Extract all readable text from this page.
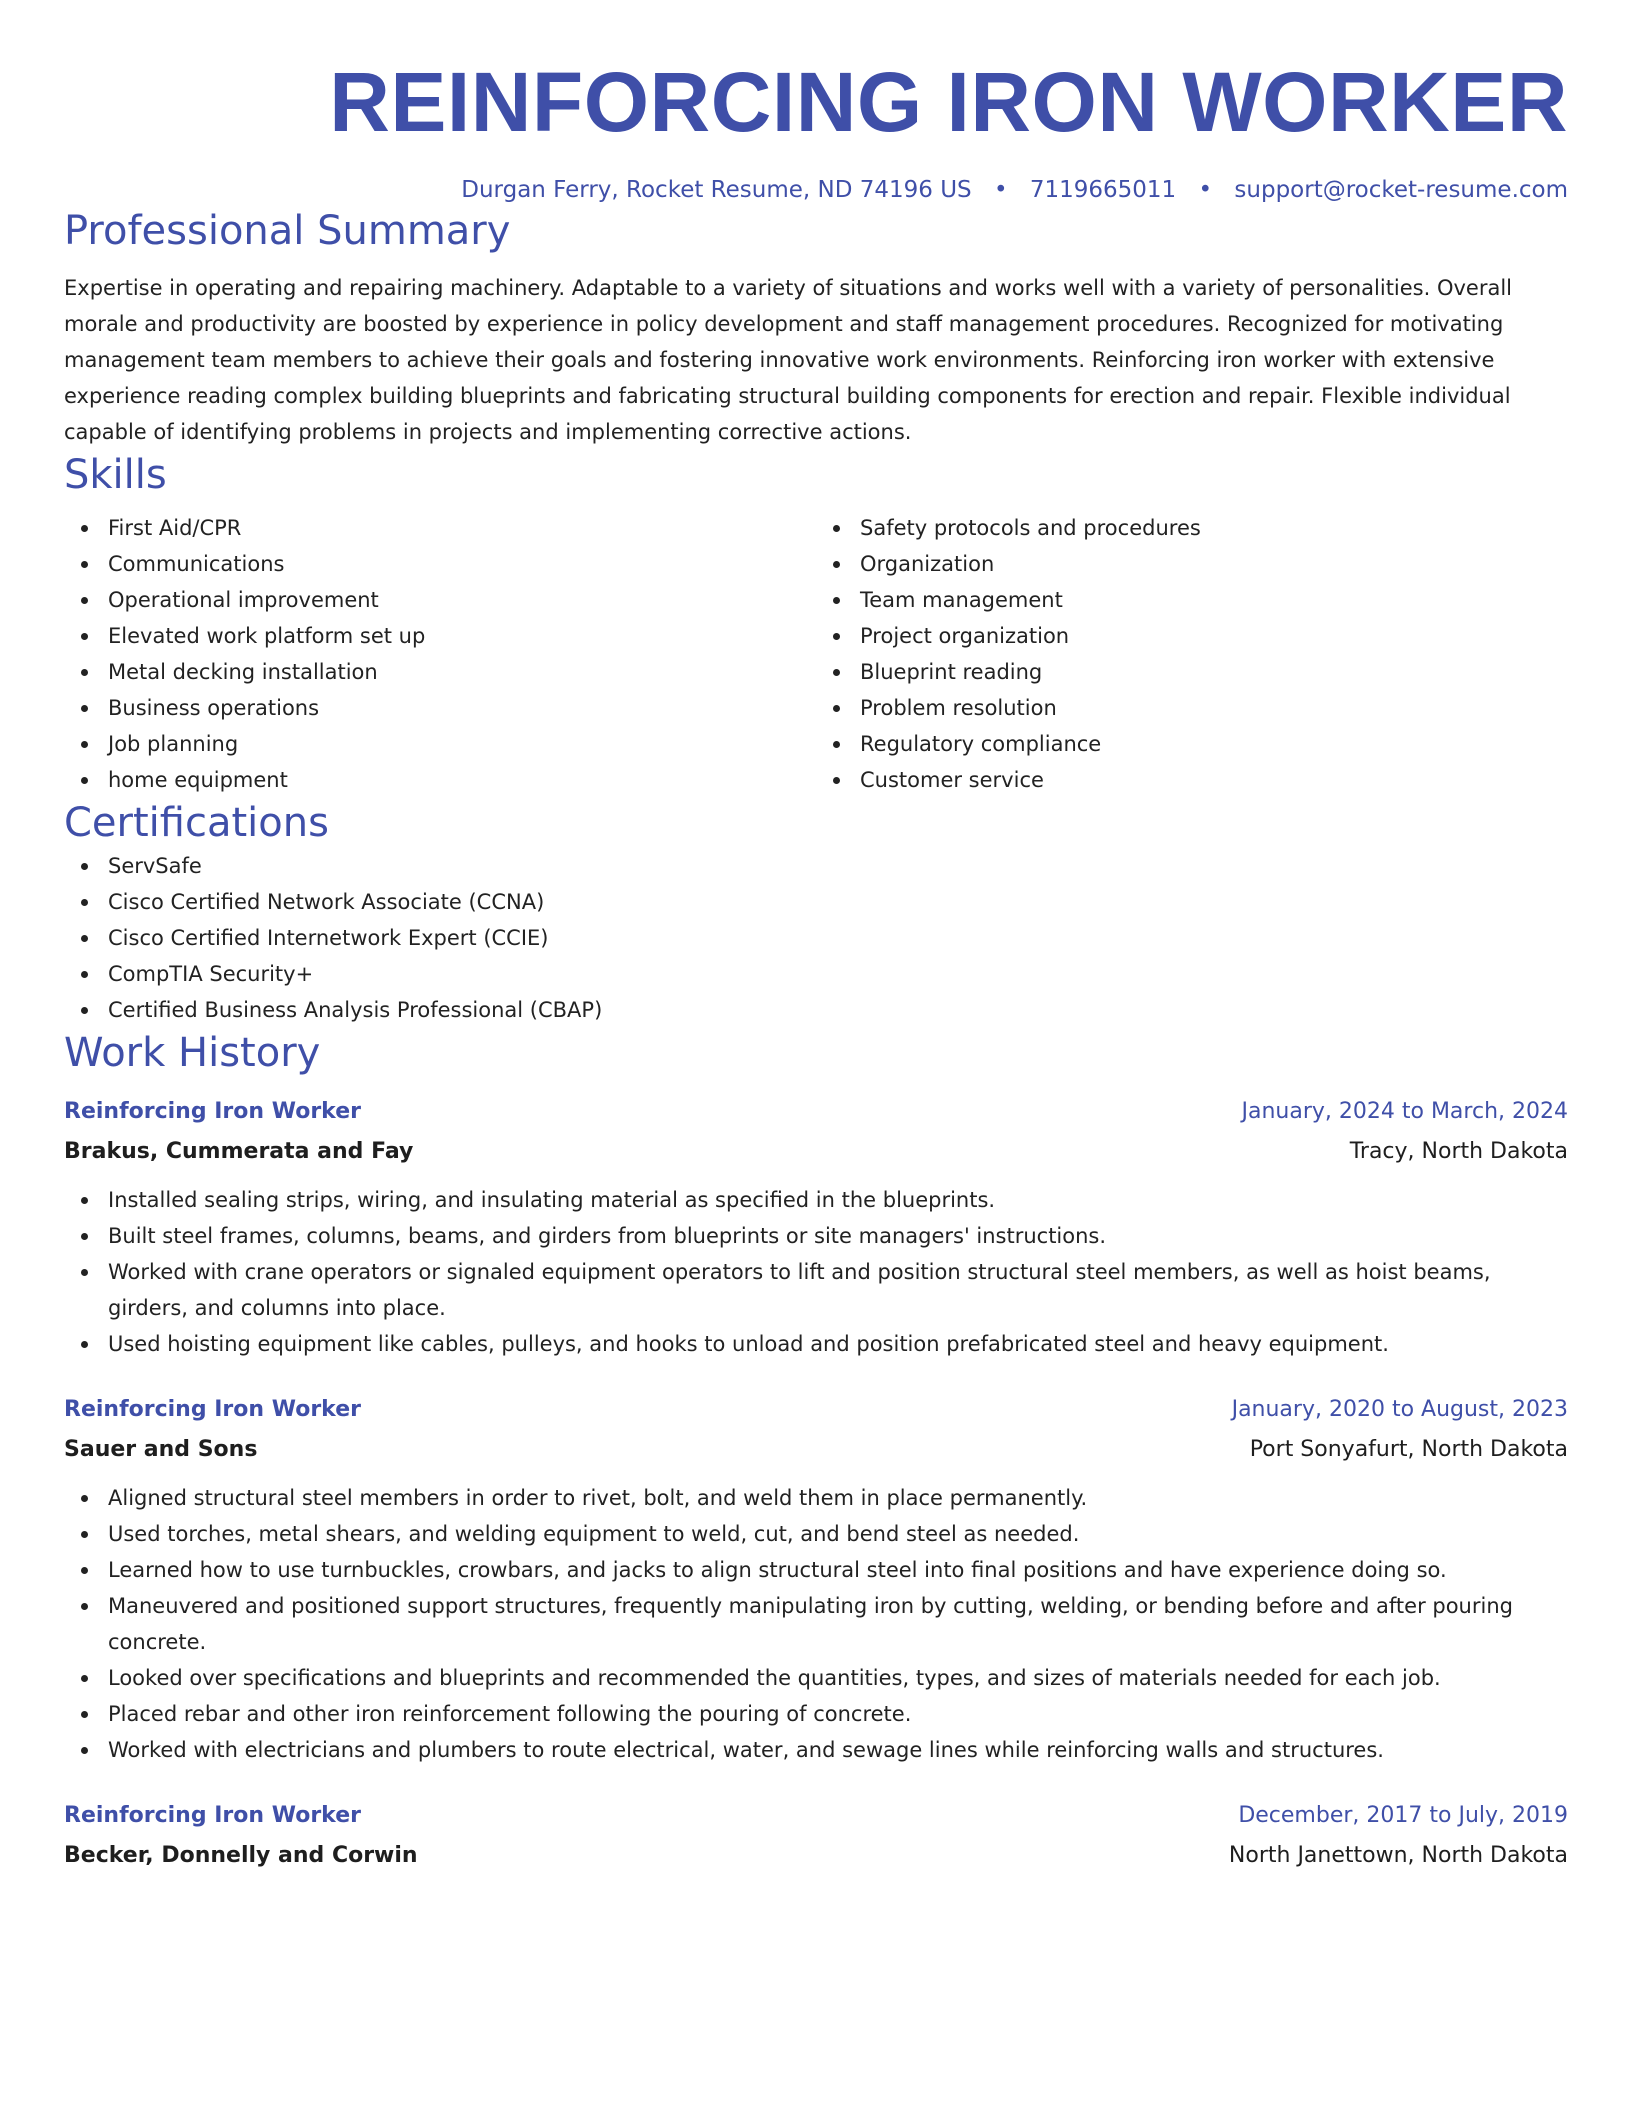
REINFORCING IRON WORKER
Durgan Ferry, Rocket Resume, ND 74196 US • 7119665011 • support@rocket-resume.com
Professional Summary
Expertise in operating and repairing machinery. Adaptable to a variety of situations and works well with a variety of personalities. Overall morale and productivity are boosted by experience in policy development and staff management procedures. Recognized for motivating management team members to achieve their goals and fostering innovative work environments. Reinforcing iron worker with extensive experience reading complex building blueprints and fabricating structural building components for erection and repair. Flexible individual capable of identifying problems in projects and implementing corrective actions.
Skills
First Aid/CPR
Communications
Operational improvement
Elevated work platform set up
Metal decking installation
Business operations
Job planning
home equipment
Safety protocols and procedures
Organization
Team management
Project organization
Blueprint reading
Problem resolution
Regulatory compliance
Customer service
Certifications
ServSafe
Cisco Certified Network Associate (CCNA)
Cisco Certified Internetwork Expert (CCIE)
CompTIA Security+
Certified Business Analysis Professional (CBAP)
Work History
Reinforcing Iron Worker	January, 2024 to March, 2024
Brakus, Cummerata and Fay	Tracy, North Dakota
Installed sealing strips, wiring, and insulating material as specified in the blueprints.
Built steel frames, columns, beams, and girders from blueprints or site managers' instructions.
Worked with crane operators or signaled equipment operators to lift and position structural steel members, as well as hoist beams, girders, and columns into place.
Used hoisting equipment like cables, pulleys, and hooks to unload and position prefabricated steel and heavy equipment.
Reinforcing Iron Worker	January, 2020 to August, 2023
Sauer and Sons	Port Sonyafurt, North Dakota
Aligned structural steel members in order to rivet, bolt, and weld them in place permanently.
Used torches, metal shears, and welding equipment to weld, cut, and bend steel as needed.
Learned how to use turnbuckles, crowbars, and jacks to align structural steel into final positions and have experience doing so.
Maneuvered and positioned support structures, frequently manipulating iron by cutting, welding, or bending before and after pouring concrete.
Looked over specifications and blueprints and recommended the quantities, types, and sizes of materials needed for each job.
Placed rebar and other iron reinforcement following the pouring of concrete.
Worked with electricians and plumbers to route electrical, water, and sewage lines while reinforcing walls and structures.
Reinforcing Iron Worker	December, 2017 to July, 2019
Becker, Donnelly and Corwin	North Janettown, North Dakota
